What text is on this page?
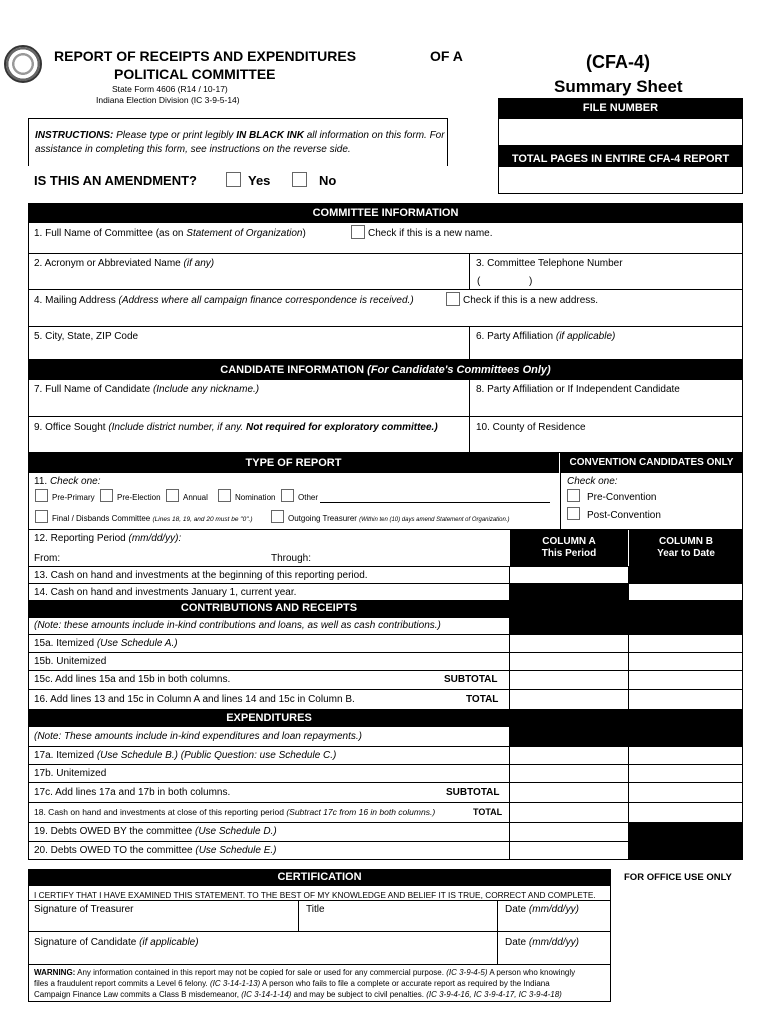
REPORT OF RECEIPTS AND EXPENDITURES	OF A
POLITICAL COMMITTEE
State Form 4606 (R14 / 10-17)
Indiana Election Division (IC 3-9-5-14)
(CFA-4)
Summary Sheet
FILE NUMBER
TOTAL PAGES IN ENTIRE CFA-4 REPORT
INSTRUCTIONS: Please type or print legibly IN BLACK INK all information on this form. For
assistance in completing this form, see instructions on the reverse side.
IS THIS AN AMENDMENT?	Yes	No
COMMITTEE INFORMATION
1. Full Name of Committee (as on Statement of Organization)	Check if this is a new name.
2. Acronym or Abbreviated Name (if any)	3. Committee Telephone Number
(	)
4. Mailing Address (Address where all campaign finance correspondence is received.)	Check if this is a new address.
5. City, State, ZIP Code	6. Party Affiliation (if applicable)
CANDIDATE INFORMATION (For Candidate's Committees Only)
7. Full Name of Candidate (Include any nickname.)	8. Party Affiliation or If Independent Candidate
9. Office Sought (Include district number, if any. Not required for exploratory committee.)	10. County of Residence
TYPE OF REPORT	CONVENTION CANDIDATES ONLY
11. Check one:
Pre-Primary	Pre-Election	Annual	Nomination	Other
Final / Disbands Committee (Lines 18, 19, and 20 must be "0".)	Outgoing Treasurer (Within ten (10) days amend Statement of Organization.)
Check one:
Pre-Convention
Post-Convention
COLUMN A
This Period
COLUMN B
Year to Date
12. Reporting Period (mm/dd/yy):
From:	Through:
13. Cash on hand and investments at the beginning of this reporting period.
14. Cash on hand and investments January 1, current year.
CONTRIBUTIONS AND RECEIPTS
(Note: these amounts include in-kind contributions and loans, as well as cash contributions.)
15a. Itemized (Use Schedule A.)
15b. Unitemized
15c. Add lines 15a and 15b in both columns.	SUBTOTAL
16. Add lines 13 and 15c in Column A and lines 14 and 15c in Column B.	TOTAL
EXPENDITURES
(Note: These amounts include in-kind expenditures and loan repayments.)
17a. Itemized (Use Schedule B.) (Public Question: use Schedule C.)
17b. Unitemized
17c. Add lines 17a and 17b in both columns.	SUBTOTAL
18. Cash on hand and investments at close of this reporting period (Subtract 17c from 16 in both columns.)	TOTAL
19. Debts OWED BY the committee (Use Schedule D.)
20. Debts OWED TO the committee (Use Schedule E.)
CERTIFICATION	FOR OFFICE USE ONLY
I CERTIFY THAT I HAVE EXAMINED THIS STATEMENT. TO THE BEST OF MY KNOWLEDGE AND BELIEF IT IS TRUE, CORRECT AND COMPLETE.
Signature of Treasurer	Title	Date (mm/dd/yy)
Signature of Candidate (if applicable)	Date (mm/dd/yy)
WARNING: Any information contained in this report may not be copied for sale or used for any commercial purpose. (IC 3-9-4-5) A person who knowingly
files a fraudulent report commits a Level 6 felony. (IC 3-14-1-13) A person who fails to file a complete or accurate report as required by the Indiana
Campaign Finance Law commits a Class B misdemeanor, (IC 3-14-1-14) and may be subject to civil penalties. (IC 3-9-4-16, IC 3-9-4-17, IC 3-9-4-18)
